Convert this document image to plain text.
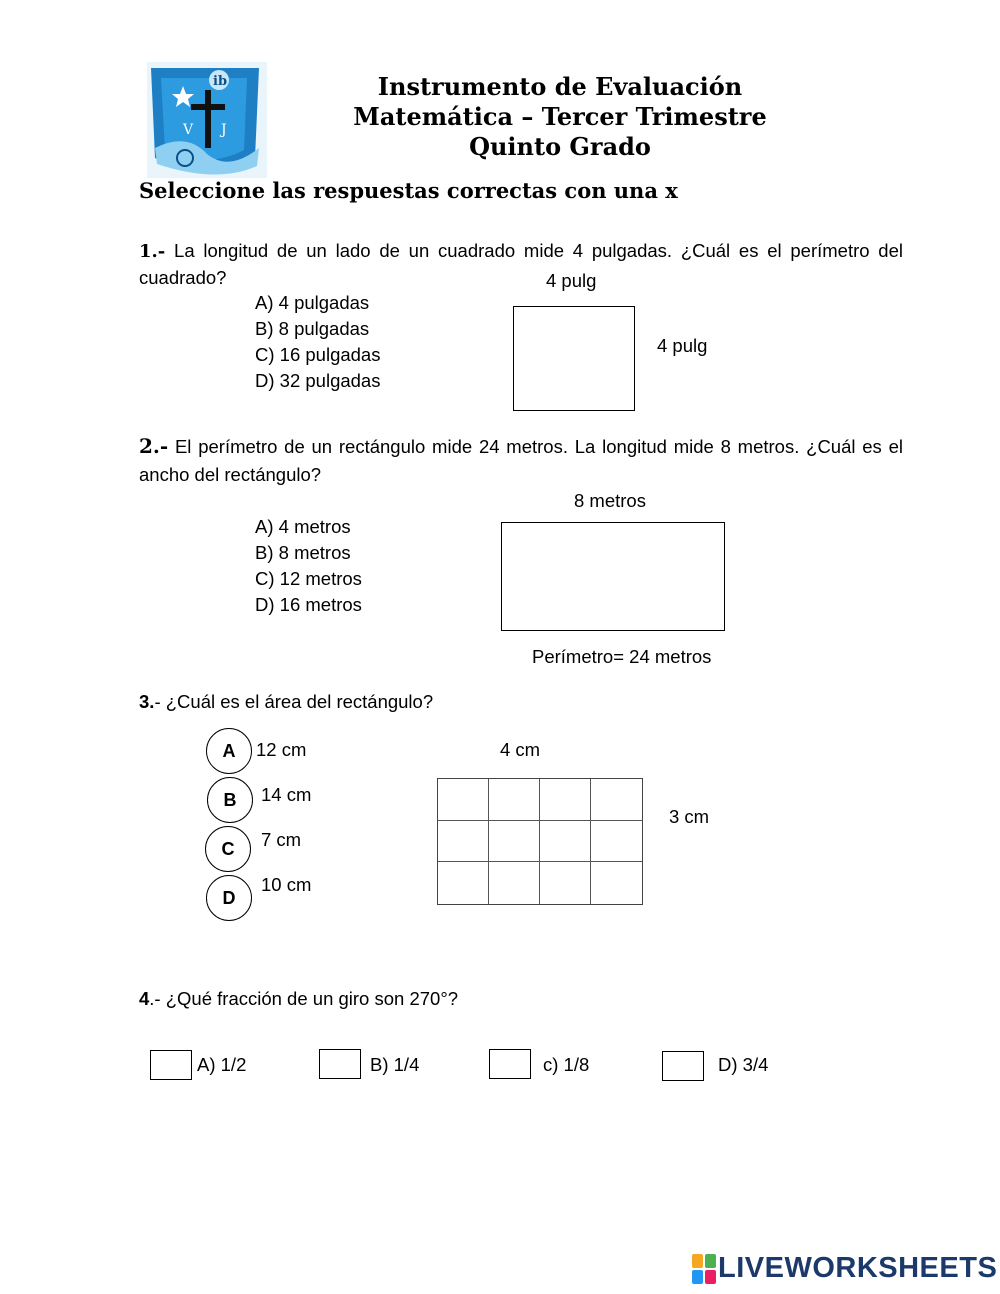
ib
V J
Instrumento de Evaluación
Matemática – Tercer Trimestre
Quinto Grado
Seleccione las respuestas correctas con una x
1.- La longitud de un lado de un cuadrado mide 4 pulgadas. ¿Cuál es el perímetro del cuadrado?
A) 4 pulgadas
B) 8 pulgadas
C) 16 pulgadas
D) 32 pulgadas
4 pulg
4 pulg
2.- El perímetro de un rectángulo mide 24 metros. La longitud mide 8 metros. ¿Cuál es el ancho del rectángulo?
A) 4 metros
B) 8 metros
C) 12 metros
D) 16 metros
8 metros
Perímetro= 24 metros
3.- ¿Cuál es el área del rectángulo?
A	12 cm
B	14 cm
C	7 cm
D
10 cm
4 cm
3 cm
4.- ¿Qué fracción de un giro son 270°?
A) 1/2	B) 1/4	c) 1/8	D) 3/4
LIVEWORKSHEETS
